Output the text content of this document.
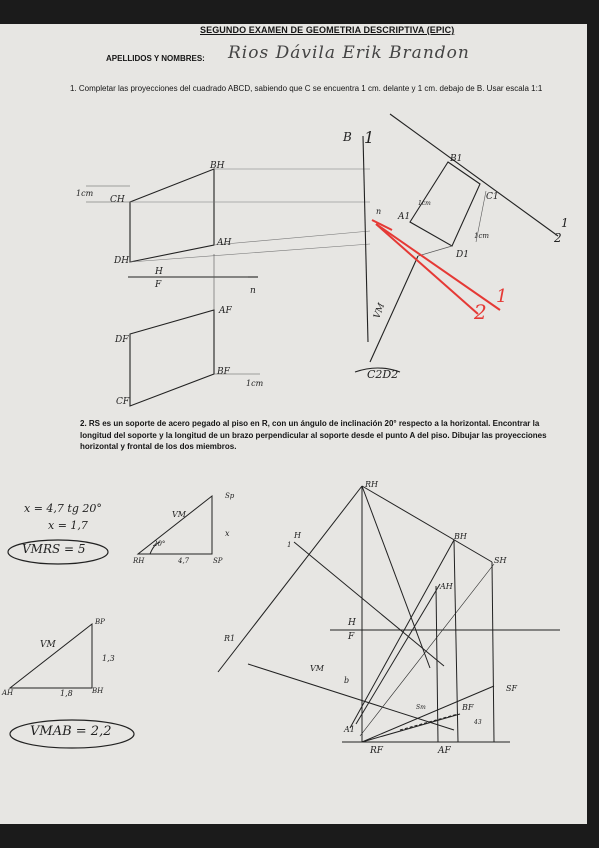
SEGUNDO EXAMEN DE GEOMETRIA DESCRIPTIVA (EPIC)
APELLIDOS Y NOMBRES: Rios Dávila Erik Brandon
1. Completar las proyecciones del cuadrado ABCD, sabiendo que C se encuentra 1 cm. delante y 1 cm. debajo de B. Usar escala 1:1
2. RS es un soporte de acero pegado al piso en R, con un ángulo de inclinación 20° respecto a la horizontal. Encontrar la longitud del soporte y la longitud de un brazo perpendicular al soporte desde el punto A del piso. Dibujar las proyecciones horizontal y frontal de los dos miembros.
BH
CH
AH
DH
H
F
n
AF
DF
BF
CF
1cm
1cm
B 1
B1
A1
C1
D1
1cm
1cm
n
VM
1
2
C2D2
1
2
x = 4,7 tg 20°
x = 1,7
VMRS = 5
Sp
VM
x
20°
RH	4,7	SP
BP
VM
1,3
AH	1,8	BH
VMAB = 2,2
RH
BH
SH
AH
H
1
H
F
R1
VM
b
A1
Sm	BF
SF
43
RF	AF
